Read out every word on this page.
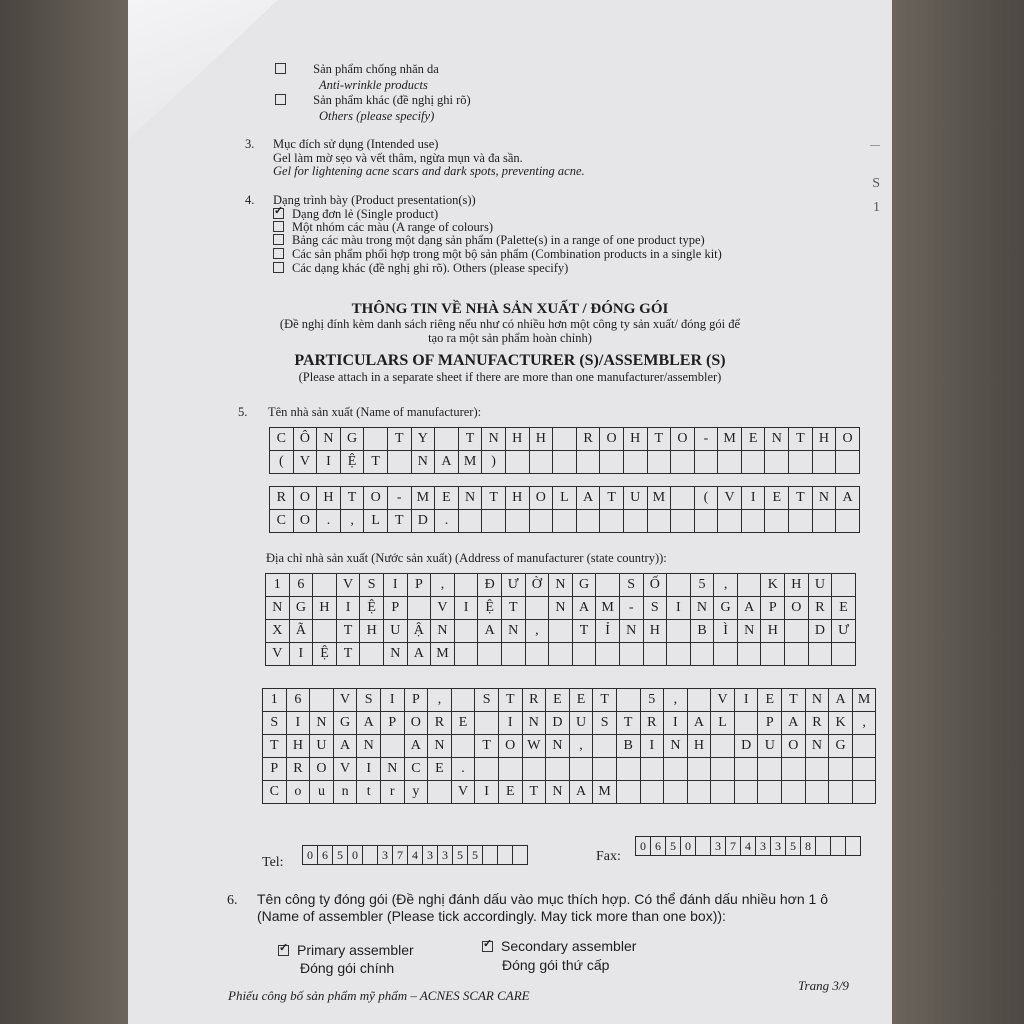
—
S
1
Sản phẩm chống nhăn da
Anti-wrinkle products
Sản phẩm khác (đề nghị ghi rõ)
Others (please specify)
3. Mục đích sử dụng (Intended use)
Gel làm mờ sẹo và vết thâm, ngừa mụn và đa sần.
Gel for lightening acne scars and dark spots, preventing acne.
4. Dạng trình bày (Product presentation(s))
✓Dạng đơn lẻ (Single product)
Một nhóm các màu (A range of colours)
Bảng các màu trong một dạng sản phẩm (Palette(s) in a range of one product type)
Các sản phẩm phối hợp trong một bộ sản phẩm (Combination products in a single kit)
Các dạng khác (đề nghị ghi rõ). Others (please specify)
THÔNG TIN VỀ NHÀ SẢN XUẤT / ĐÓNG GÓI
(Đề nghị đính kèm danh sách riêng nếu như có nhiều hơn một công ty sản xuất/ đóng gói để
tạo ra một sản phẩm hoàn chỉnh)
PARTICULARS OF MANUFACTURER (S)/ASSEMBLER (S)
(Please attach in a separate sheet if there are more than one manufacturer/assembler)
5. Tên nhà sản xuất (Name of manufacturer):
C	Ô	N	G		T	Y		T	N	H	H		R	O	H	T	O	-	M	E	N	T	H	O
(	V	I	Ệ	T		N	A	M	)															
R	O	H	T	O	-	M	E	N	T	H	O	L	A	T	U	M		(	V	I	E	T	N	A
C	O	.	,	L	T	D	.																	
Địa chỉ nhà sản xuất (Nước sản xuất) (Address of manufacturer (state country)):
1	6		V	S	I	P	,		Đ	Ư	Ờ	N	G		S	Ố		5	,		K	H	U	
N	G	H	I	Ệ	P		V	I	Ệ	T		N	A	M	-	S	I	N	G	A	P	O	R	E
X	Ã		T	H	U	Ậ	N		A	N	,		T	Ỉ	N	H		B	Ì	N	H		D	Ư
V	I	Ệ	T		N	A	M																	
1	6		V	S	I	P	,		S	T	R	E	E	T		5	,		V	I	E	T	N	A	M
S	I	N	G	A	P	O	R	E		I	N	D	U	S	T	R	I	A	L		P	A	R	K	,
T	H	U	A	N		A	N		T	O	W	N	,		B	I	N	H		D	U	O	N	G	
P	R	O	V	I	N	C	E	.																	
C	o	u	n	t	r	y		V	I	E	T	N	A	M											
Tel:
0	6	5	0		3	7	4	3	3	5	5				Fax:
0	6	5	0		3	7	4	3	3	5	8			
6. Tên công ty đóng gói (Đề nghị đánh dấu vào mục thích hợp. Có thể đánh dấu nhiều hơn 1 ô
(Name of assembler (Please tick accordingly. May tick more than one box)):
✓Primary assembler
Đóng gói chính
✓Secondary assembler
Đóng gói thứ cấp
Phiếu công bố sản phẩm mỹ phẩm – ACNES SCAR CARE
Trang 3/9
